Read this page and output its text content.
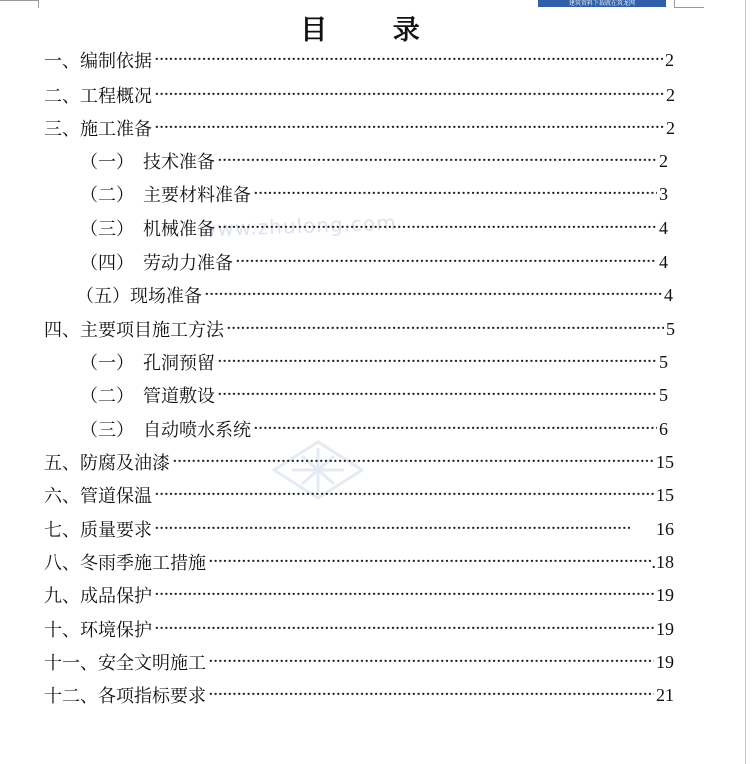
建筑资料下载就在筑龙网
目 录
www.zhulong.com
一、编制依据 ·····	2
二、工程概况 ·····	2
三、施工准备 ·····	2
（一）　技术准备 ·····	2
（二）　主要材料准备 ·····	3
（三）　机械准备 ·····	4
（四）　劳动力准备 ·····	4
（五）现场准备 ·····	4
四、主要项目施工方法 ·····	5
（一）　孔洞预留 ·····	5
（二）　管道敷设 ·····	5
（三）　自动喷水系统 ·····	6
五、防腐及油漆 ·····	15
六、管道保温 ·····	15
七、质量要求 ·····	16
八、冬雨季施工措施 ·····	.18
九、成品保护 ·····	19
十、环境保护 ·····	19
十一、安全文明施工 ·····	19
十二、各项指标要求 ·····	21
